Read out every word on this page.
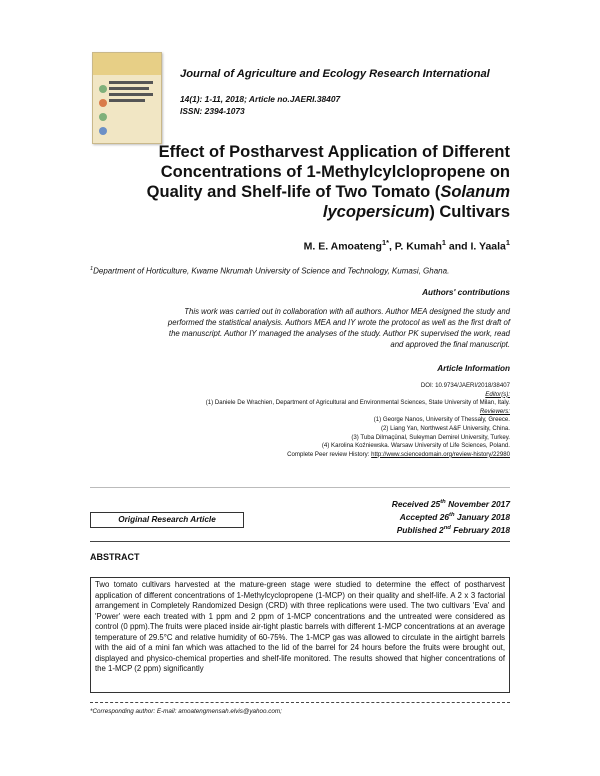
Journal of Agriculture and Ecology Research International
14(1): 1-11, 2018; Article no.JAERI.38407
ISSN: 2394-1073
Effect of Postharvest Application of Different
Concentrations of 1-Methylcylclopropene on
Quality and Shelf-life of Two Tomato (Solanum
lycopersicum) Cultivars
M. E. Amoateng$^{1*}$, P. Kumah$^1$ and I. Yaala$^1$
$^1$Department of Horticulture, Kwame Nkrumah University of Science and Technology, Kumasi, Ghana.
Authors' contributions
This work was carried out in collaboration with all authors. Author MEA designed the study and
performed the statistical analysis. Authors MEA and IY wrote the protocol as well as the first draft of
the manuscript. Author IY managed the analyses of the study. Author PK supervised the work, read
and approved the final manuscript.
Article Information
DOI: 10.9734/JAERI/2018/38407
Editor(s):
(1) Daniele De Wrachien, Department of Agricultural and Environmental Sciences, State University of Milan, Italy.
Reviewers:
(1) George Nanos, University of Thessaly, Greece.
(2) Liang Yan, Northwest A&F University, China.
(3) Tuba Dilmaçünal, Suleyman Demirel University, Turkey.
(4) Karolina Koźniewska. Warsaw University of Life Sciences, Poland.
Complete Peer review History: http://www.sciencedomain.org/review-history/22980
Received 25th November 2017
Accepted 26th January 2018
Published 2nd February 2018
Original Research Article
ABSTRACT
Two tomato cultivars harvested at the mature-green stage were studied to determine the effect of postharvest application of different concentrations of 1-Methylcyclopropene (1-MCP) on their quality and shelf-life. A 2 x 3 factorial arrangement in Completely Randomized Design (CRD) with three replications were used. The two cultivars 'Eva' and 'Power' were each treated with 1 ppm and 2 ppm of 1-MCP concentrations and the untreated were considered as control (0 ppm).The fruits were placed inside air-tight plastic barrels with different 1-MCP concentrations at an average temperature of 29.5°C and relative humidity of 60-75%. The 1-MCP gas was allowed to circulate in the airtight barrels with the aid of a mini fan which was attached to the lid of the barrel for 24 hours before the fruits were brought out, displayed and physico-chemical properties and shelf-life monitored. The results showed that higher concentrations of the 1-MCP (2 ppm) significantly
*Corresponding author: E-mail: amoatengmensah.elvis@yahoo.com;
